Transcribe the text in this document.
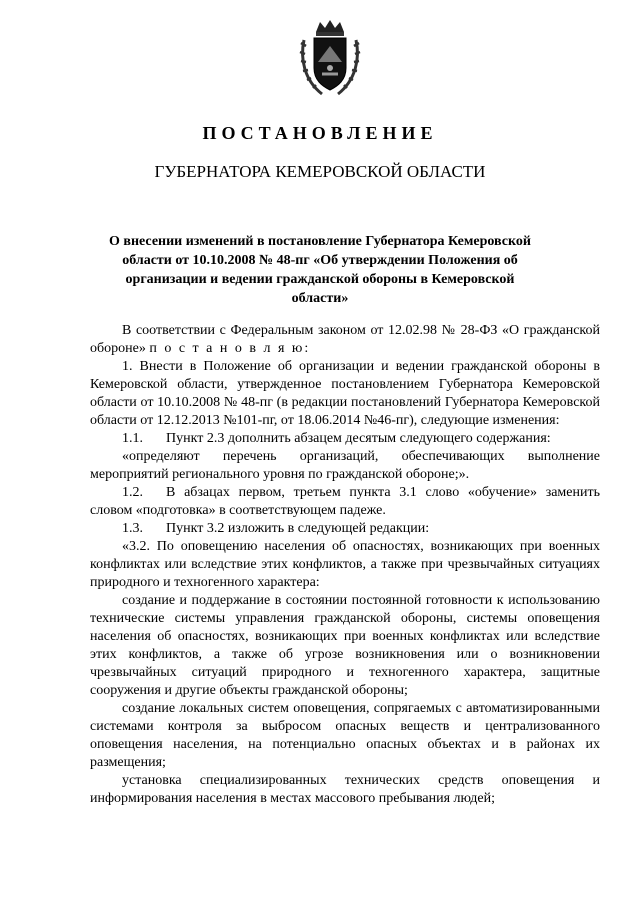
ПОСТАНОВЛЕНИЕ
ГУБЕРНАТОРА КЕМЕРОВСКОЙ ОБЛАСТИ
О внесении изменений в постановление Губернатора Кемеровской
области от 10.10.2008 № 48-пг «Об утверждении Положения об
организации и ведении гражданской обороны в Кемеровской области»

В соответствии с Федеральным законом от 12.02.98 № 28-ФЗ «О гражданской обороне» п о с т а н о в л я ю:

1. Внести в Положение об организации и ведении гражданской обороны в Кемеровской области, утвержденное постановлением Губернатора Кемеровской области от 10.10.2008 № 48-пг (в редакции постановлений Губернатора Кемеровской области от 12.12.2013 №101-пг, от 18.06.2014 №46-пг), следующие изменения:

1.1. Пункт 2.3 дополнить абзацем десятым следующего содержания:

«определяют перечень организаций, обеспечивающих выполнение мероприятий регионального уровня по гражданской обороне;».

1.2. В абзацах первом, третьем пункта 3.1 слово «обучение» заменить словом «подготовка» в соответствующем падеже.

1.3. Пункт 3.2 изложить в следующей редакции:

«3.2. По оповещению населения об опасностях, возникающих при военных конфликтах или вследствие этих конфликтов, а также при чрезвычайных ситуациях природного и техногенного характера:

создание и поддержание в состоянии постоянной готовности к использованию технические системы управления гражданской обороны, системы оповещения населения об опасностях, возникающих при военных конфликтах или вследствие этих конфликтов, а также об угрозе возникновения или о возникновении чрезвычайных ситуаций природного и техногенного характера, защитные сооружения и другие объекты гражданской обороны;

создание локальных систем оповещения, сопрягаемых с автоматизированными системами контроля за выбросом опасных веществ и централизованного оповещения населения, на потенциально опасных объектах и в районах их размещения;

установка специализированных технических средств оповещения и информирования населения в местах массового пребывания людей;
